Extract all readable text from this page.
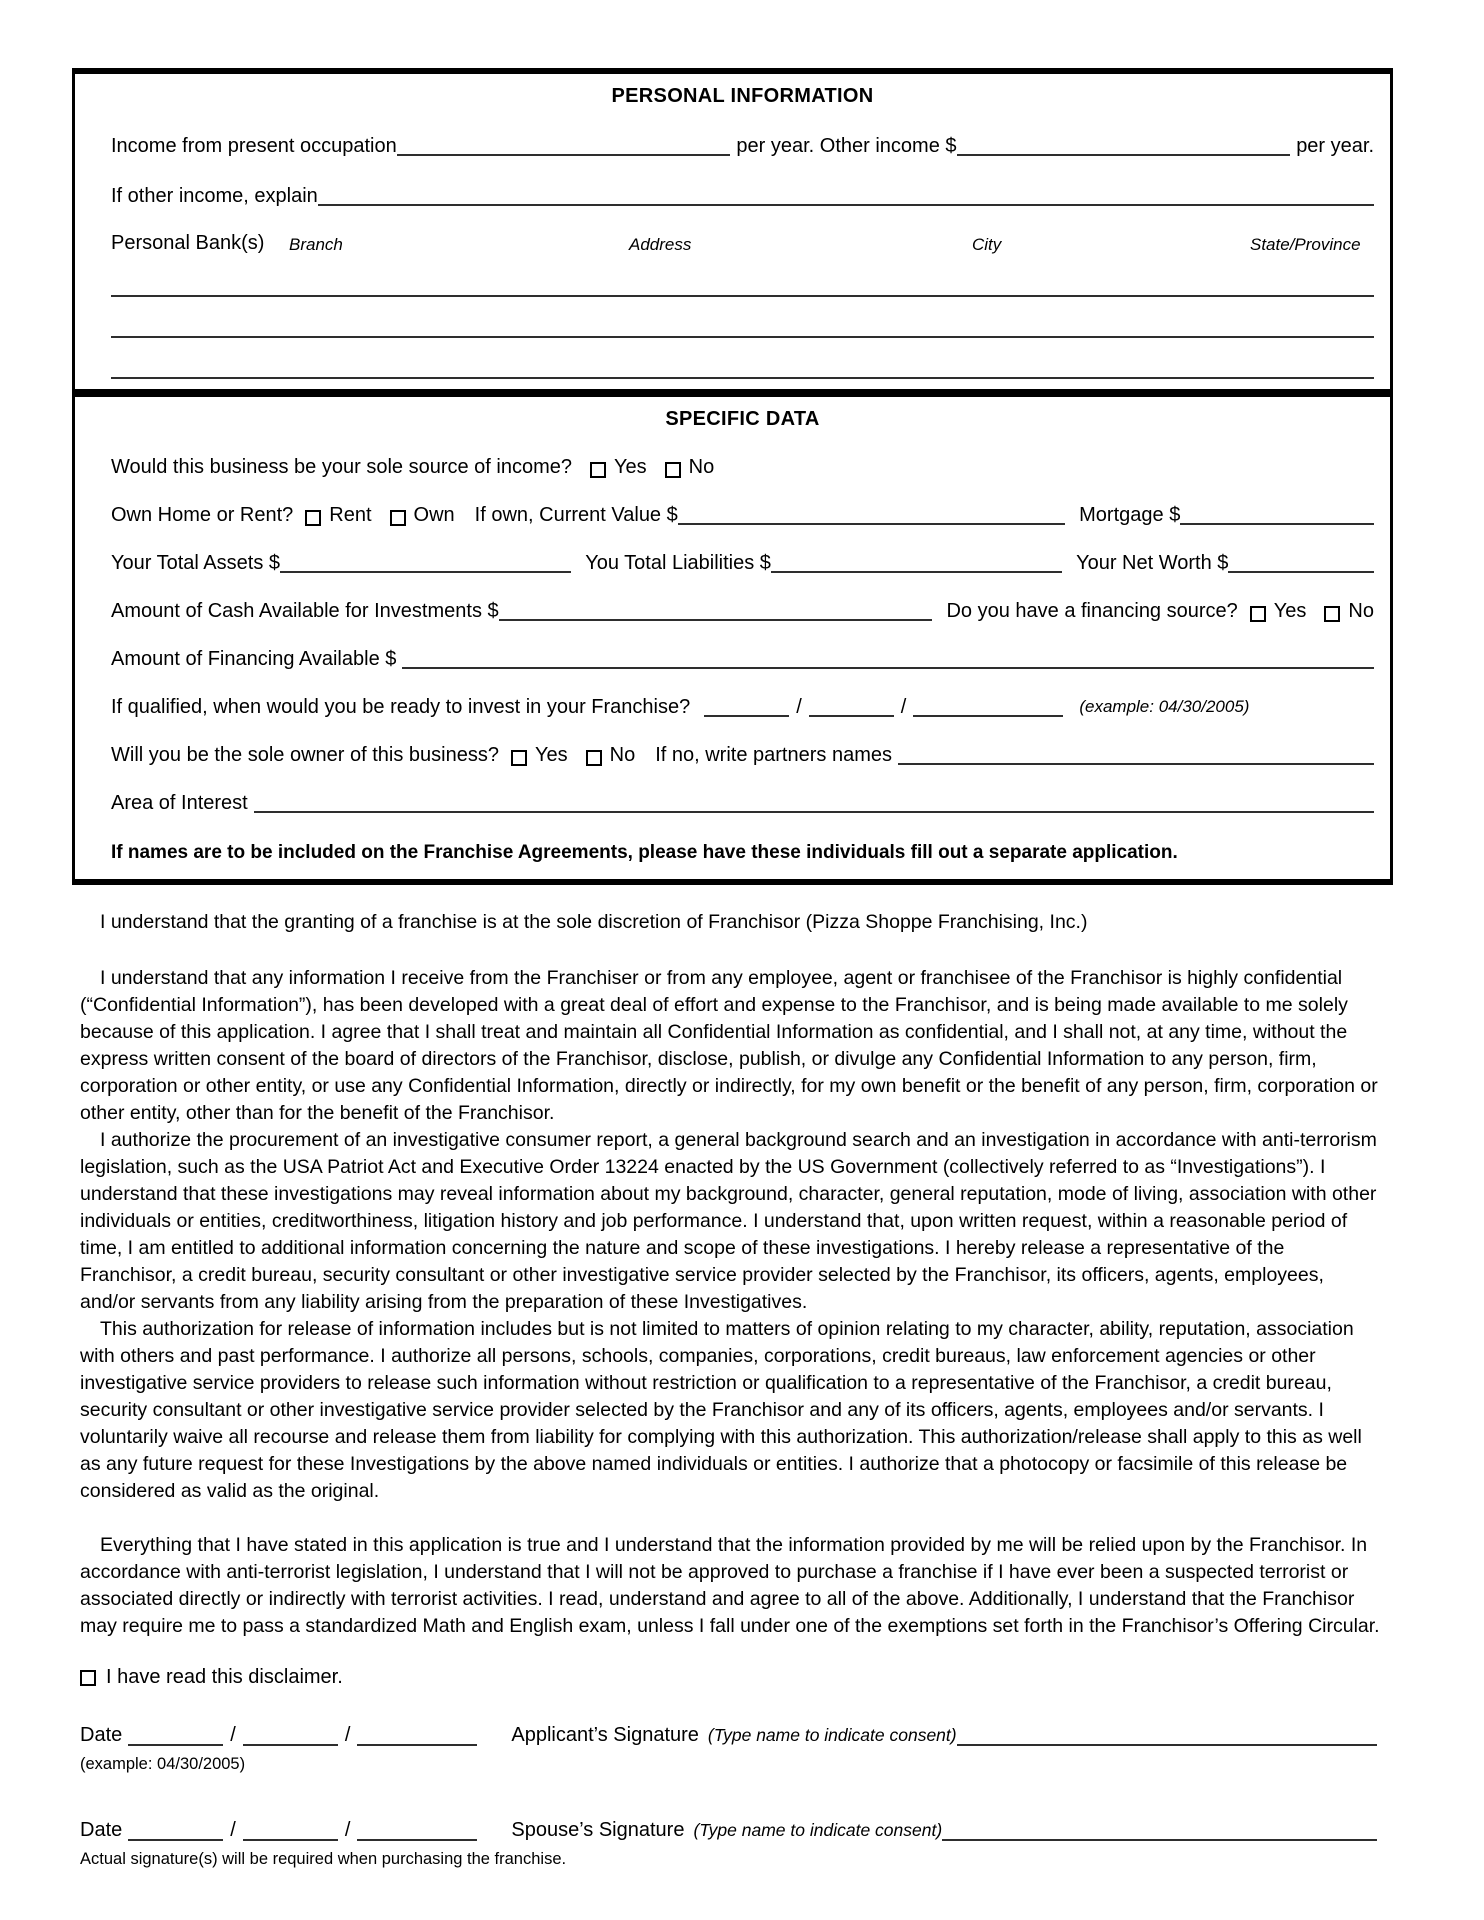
PERSONAL INFORMATION
Income from present occupation	per year. Other income $	per year.
If other income, explain
Personal Bank(s) Branch	Address	City	State/Province
SPECIFIC DATA
Would this business be your sole source of income? Yes No
Own Home or Rent? Rent Own If own, Current Value $	Mortgage $
Your Total Assets $	You Total Liabilities $	Your Net Worth $
Amount of Cash Available for Investments $	Do you have a financing source? Yes No
Amount of Financing Available $
If qualified, when would you be ready to invest in your Franchise?	/	/	(example: 04/30/2005)
Will you be the sole owner of this business? Yes No If no, write partners names
Area of Interest
If names are to be included on the Franchise Agreements, please have these individuals fill out a separate application.

I understand that the granting of a franchise is at the sole discretion of Franchisor (Pizza Shoppe Franchising, Inc.)

I understand that any information I receive from the Franchiser or from any employee, agent or franchisee of the Franchisor is highly confidential (“Confidential Information”), has been developed with a great deal of effort and expense to the Franchisor, and is being made available to me solely because of this application. I agree that I shall treat and maintain all Confidential Information as confidential, and I shall not, at any time, without the express written consent of the board of directors of the Franchisor, disclose, publish, or divulge any Confidential Information to any person, firm, corporation or other entity, or use any Confidential Information, directly or indirectly, for my own benefit or the benefit of any person, firm, corporation or other entity, other than for the benefit of the Franchisor.

I authorize the procurement of an investigative consumer report, a general background search and an investigation in accordance with anti-terrorism legislation, such as the USA Patriot Act and Executive Order 13224 enacted by the US Government (collectively referred to as “Investigations”). I understand that these investigations may reveal information about my background, character, general reputation, mode of living, association with other individuals or entities, creditworthiness, litigation history and job performance. I understand that, upon written request, within a reasonable period of time, I am entitled to additional information concerning the nature and scope of these investigations. I hereby release a representative of the Franchisor, a credit bureau, security consultant or other investigative service provider selected by the Franchisor, its officers, agents, employees, and/or servants from any liability arising from the preparation of these Investigatives.

This authorization for release of information includes but is not limited to matters of opinion relating to my character, ability, reputation, association with others and past performance. I authorize all persons, schools, companies, corporations, credit bureaus, law enforcement agencies or other investigative service providers to release such information without restriction or qualification to a representative of the Franchisor, a credit bureau, security consultant or other investigative service provider selected by the Franchisor and any of its officers, agents, employees and/or servants. I voluntarily waive all recourse and release them from liability for complying with this authorization. This authorization/release shall apply to this as well as any future request for these Investigations by the above named individuals or entities. I authorize that a photocopy or facsimile of this release be considered as valid as the original.

Everything that I have stated in this application is true and I understand that the information provided by me will be relied upon by the Franchisor. In accordance with anti-terrorist legislation, I understand that I will not be approved to purchase a franchise if I have ever been a suspected terrorist or associated directly or indirectly with terrorist activities. I read, understand and agree to all of the above. Additionally, I understand that the Franchisor may require me to pass a standardized Math and English exam, unless I fall under one of the exemptions set forth in the Franchisor’s Offering Circular.

I have read this disclaimer.
Date	/	/	Applicant’s Signature (Type name to indicate consent)
(example: 04/30/2005)
Date	/	/	Spouse’s Signature (Type name to indicate consent)
Actual signature(s) will be required when purchasing the franchise.
